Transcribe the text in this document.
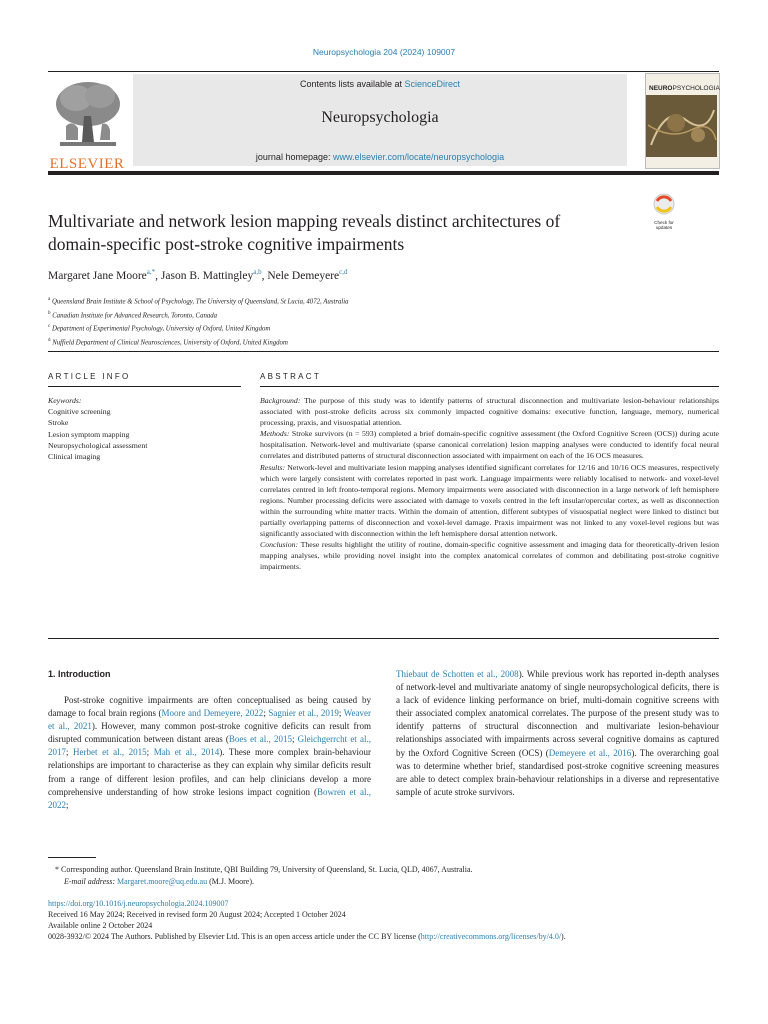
Neuropsychologia 204 (2024) 109007
Contents lists available at ScienceDirect
Neuropsychologia
journal homepage: www.elsevier.com/locate/neuropsychologia
ELSEVIER
NEUROPSYCHOLOGIA
Check for updates
Multivariate and network lesion mapping reveals distinct architectures of
domain-specific post-stroke cognitive impairments
Margaret Jane Moore$^{a,*}$, Jason B. Mattingley$^{a,b}$, Nele Demeyere$^{c,d}$
$^a$ Queensland Brain Institute & School of Psychology, The University of Queensland, St Lucia, 4072, Australia
$^b$ Canadian Institute for Advanced Research, Toronto, Canada
$^c$ Department of Experimental Psychology, University of Oxford, United Kingdom
$^d$ Nuffield Department of Clinical Neurosciences, University of Oxford, United Kingdom
ARTICLE INFO	ABSTRACT
Keywords:
Cognitive screening
Stroke
Lesion symptom mapping
Neuropsychological assessment
Clinical imaging

Background: The purpose of this study was to identify patterns of structural disconnection and multivariate lesion-behaviour relationships associated with post-stroke deficits across six commonly impacted cognitive domains: executive function, language, memory, numerical processing, praxis, and visuospatial attention.

Methods: Stroke survivors (n = 593) completed a brief domain-specific cognitive assessment (the Oxford Cognitive Screen (OCS)) during acute hospitalisation. Network-level and multivariate (sparse canonical correlation) lesion mapping analyses were conducted to identify focal neural correlates and distributed patterns of structural disconnection associated with impairment on each of the 16 OCS measures.

Results: Network-level and multivariate lesion mapping analyses identified significant correlates for 12/16 and 10/16 OCS measures, respectively which were largely consistent with correlates reported in past work. Language impairments were reliably localised to network- and voxel-level correlates centred in left fronto-temporal regions. Memory impairments were associated with disconnection in a large network of left hemisphere regions. Number processing deficits were associated with damage to voxels centred in the left insular/opercular cortex, as well as disconnection within the surrounding white matter tracts. Within the domain of attention, different subtypes of visuospatial neglect were linked to distinct but partially overlapping patterns of disconnection and voxel-level damage. Praxis impairment was not linked to any voxel-level regions but was significantly associated with disconnection within the left hemisphere dorsal attention network.

Conclusion: These results highlight the utility of routine, domain-specific cognitive assessment and imaging data for theoretically-driven lesion mapping analyses, while providing novel insight into the complex anatomical correlates of common and debilitating post-stroke cognitive impairments.

1. Introduction

Post-stroke cognitive impairments are often conceptualised as being caused by damage to focal brain regions (Moore and Demeyere, 2022; Sagnier et al., 2019; Weaver et al., 2021). However, many common post-stroke cognitive deficits can result from disrupted communication between distant areas (Boes et al., 2015; Gleichgerrcht et al., 2017; Herbet et al., 2015; Mah et al., 2014). These more complex brain-behaviour relationships are important to characterise as they can explain why similar deficits result from a range of different lesion profiles, and can help clinicians develop a more comprehensive understanding of how stroke lesions impact cognition (Bowren et al., 2022;

Thiebaut de Schotten et al., 2008). While previous work has reported in-depth analyses of network-level and multivariate anatomy of single neuropsychological deficits, there is a lack of evidence linking performance on brief, multi-domain cognitive screens with their associated complex anatomical correlates. The purpose of the present study was to identify patterns of structural disconnection and multivariate lesion-behaviour relationships associated with impairments across several cognitive domains as captured by the Oxford Cognitive Screen (OCS) (Demeyere et al., 2016). The overarching goal was to determine whether brief, standardised post-stroke cognitive screening measures are able to detect complex brain-behaviour relationships in a diverse and representative sample of acute stroke survivors.

* Corresponding author. Queensland Brain Institute, QBI Building 79, University of Queensland, St. Lucia, QLD, 4067, Australia.
E-mail address: Margaret.moore@uq.edu.au (M.J. Moore).
https://doi.org/10.1016/j.neuropsychologia.2024.109007
Received 16 May 2024; Received in revised form 20 August 2024; Accepted 1 October 2024
Available online 2 October 2024
0028-3932/© 2024 The Authors. Published by Elsevier Ltd. This is an open access article under the CC BY license (http://creativecommons.org/licenses/by/4.0/).
